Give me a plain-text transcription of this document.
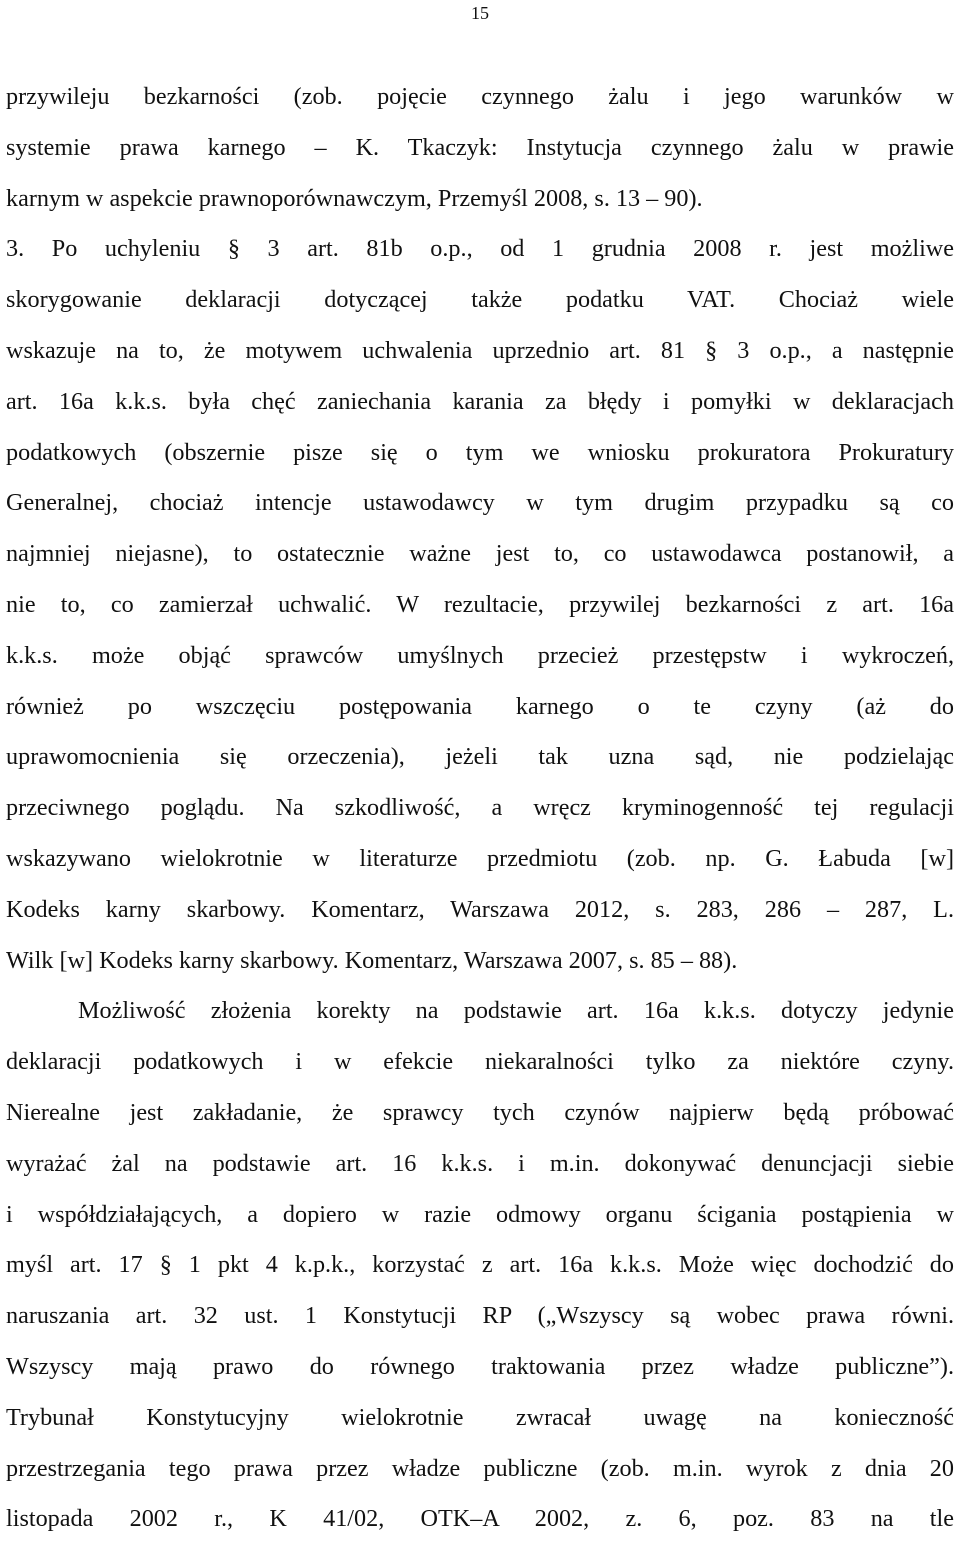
15
przywileju bezkarności (zob. pojęcie czynnego żalu i jego warunków w
systemie prawa karnego – K. Tkaczyk: Instytucja czynnego żalu w prawie
karnym w aspekcie prawnoporównawczym, Przemyśl 2008, s. 13 – 90).
3. Po uchyleniu § 3 art. 81b o.p., od 1 grudnia 2008 r. jest możliwe
skorygowanie deklaracji dotyczącej także podatku VAT. Chociaż wiele
wskazuje na to, że motywem uchwalenia uprzednio art. 81 § 3 o.p., a następnie
art. 16a k.k.s. była chęć zaniechania karania za błędy i pomyłki w deklaracjach
podatkowych (obszernie pisze się o tym we wniosku prokuratora Prokuratury
Generalnej, chociaż intencje ustawodawcy w tym drugim przypadku są co
najmniej niejasne), to ostatecznie ważne jest to, co ustawodawca postanowił, a
nie to, co zamierzał uchwalić. W rezultacie, przywilej bezkarności z art. 16a
k.k.s. może objąć sprawców umyślnych przecież przestępstw i wykroczeń,
również po wszczęciu postępowania karnego o te czyny (aż do
uprawomocnienia się orzeczenia), jeżeli tak uzna sąd, nie podzielając
przeciwnego poglądu. Na szkodliwość, a wręcz kryminogenność tej regulacji
wskazywano wielokrotnie w literaturze przedmiotu (zob. np. G. Łabuda [w]
Kodeks karny skarbowy. Komentarz, Warszawa 2012, s. 283, 286 – 287, L.
Wilk [w] Kodeks karny skarbowy. Komentarz, Warszawa 2007, s. 85 – 88).
Możliwość złożenia korekty na podstawie art. 16a k.k.s. dotyczy jedynie
deklaracji podatkowych i w efekcie niekaralności tylko za niektóre czyny.
Nierealne jest zakładanie, że sprawcy tych czynów najpierw będą próbować
wyrażać żal na podstawie art. 16 k.k.s. i m.in. dokonywać denuncjacji siebie
i współdziałających, a dopiero w razie odmowy organu ścigania postąpienia w
myśl art. 17 § 1 pkt 4 k.p.k., korzystać z art. 16a k.k.s. Może więc dochodzić do
naruszania art. 32 ust. 1 Konstytucji RP („Wszyscy są wobec prawa równi.
Wszyscy mają prawo do równego traktowania przez władze publiczne”).
Trybunał Konstytucyjny wielokrotnie zwracał uwagę na konieczność
przestrzegania tego prawa przez władze publiczne (zob. m.in. wyrok z dnia 20
listopada 2002 r., K 41/02, OTK–A 2002, z. 6, poz. 83 na tle
